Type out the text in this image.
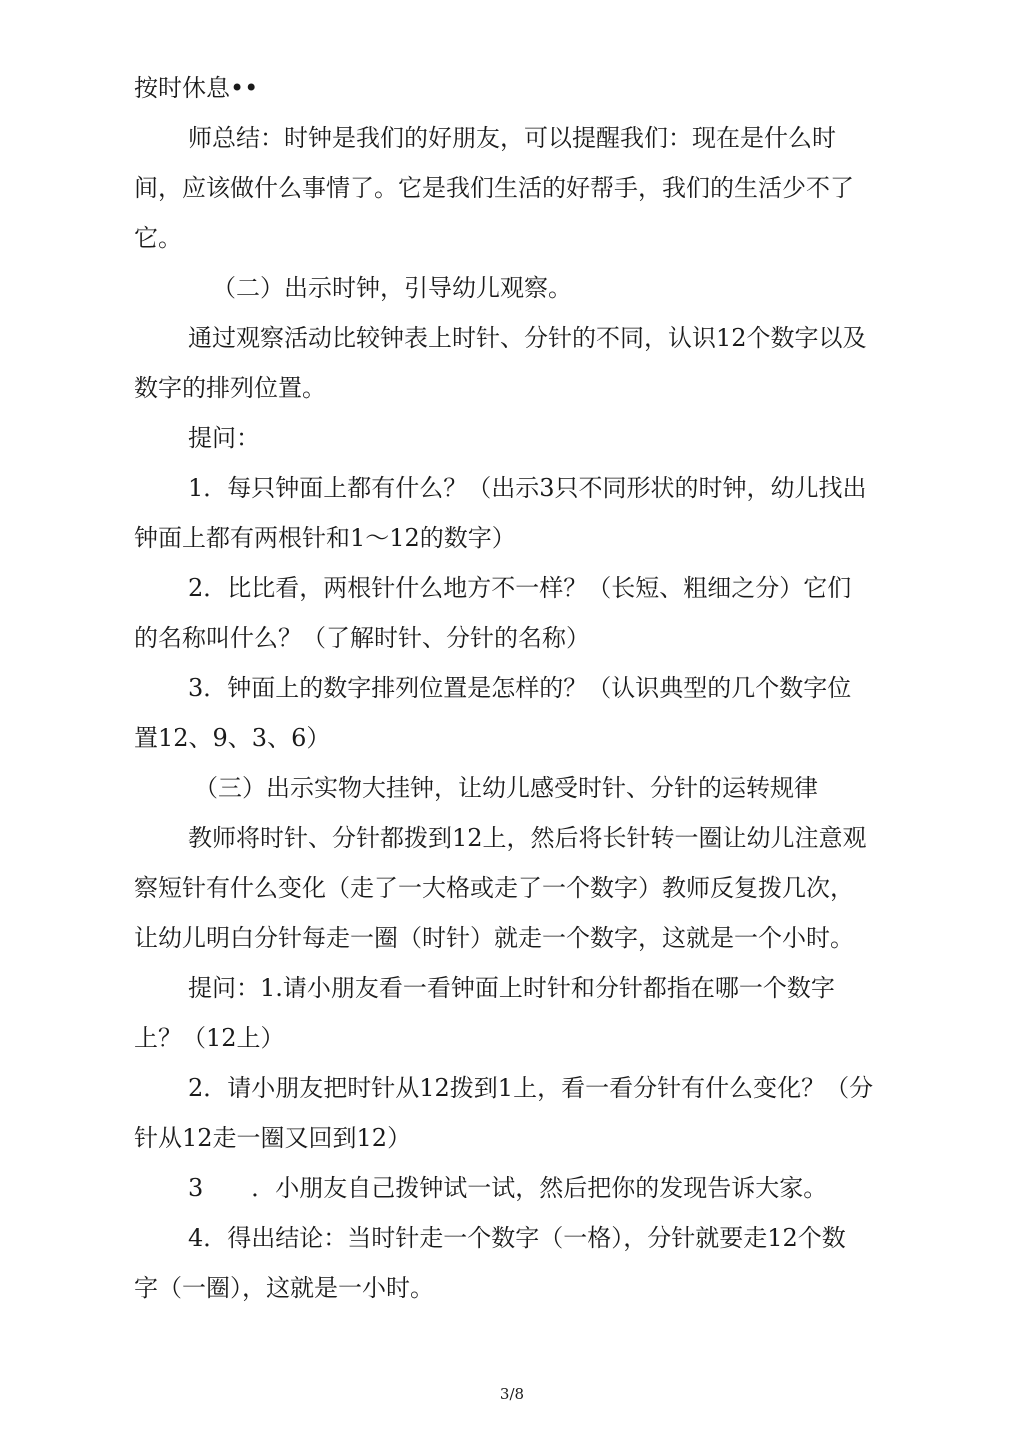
按时休息••

师总结：时钟是我们的好朋友，可以提醒我们：现在是什么时

间，应该做什么事情了。它是我们生活的好帮手，我们的生活少不了

它。

（二）出示时钟，引导幼儿观察。

通过观察活动比较钟表上时针、分针的不同，认识12个数字以及

数字的排列位置。

提问：

1．每只钟面上都有什么？（出示3只不同形状的时钟，幼儿找出

钟面上都有两根针和1～12的数字）

2．比比看，两根针什么地方不一样？（长短、粗细之分）它们

的名称叫什么？（了解时针、分针的名称）

3．钟面上的数字排列位置是怎样的？（认识典型的几个数字位

置12、9、3、6）

（三）出示实物大挂钟，让幼儿感受时针、分针的运转规律

教师将时针、分针都拨到12上，然后将长针转一圈让幼儿注意观

察短针有什么变化（走了一大格或走了一个数字）教师反复拨几次，

让幼儿明白分针每走一圈（时针）就走一个数字，这就是一个小时。

提问：1.请小朋友看一看钟面上时针和分针都指在哪一个数字

上？（12上）

2．请小朋友把时针从12拨到1上，看一看分针有什么变化？（分

针从12走一圈又回到12）

3　　．小朋友自己拨钟试一试，然后把你的发现告诉大家。

4．得出结论：当时针走一个数字（一格），分针就要走12个数

字（一圈），这就是一小时。

3/8
